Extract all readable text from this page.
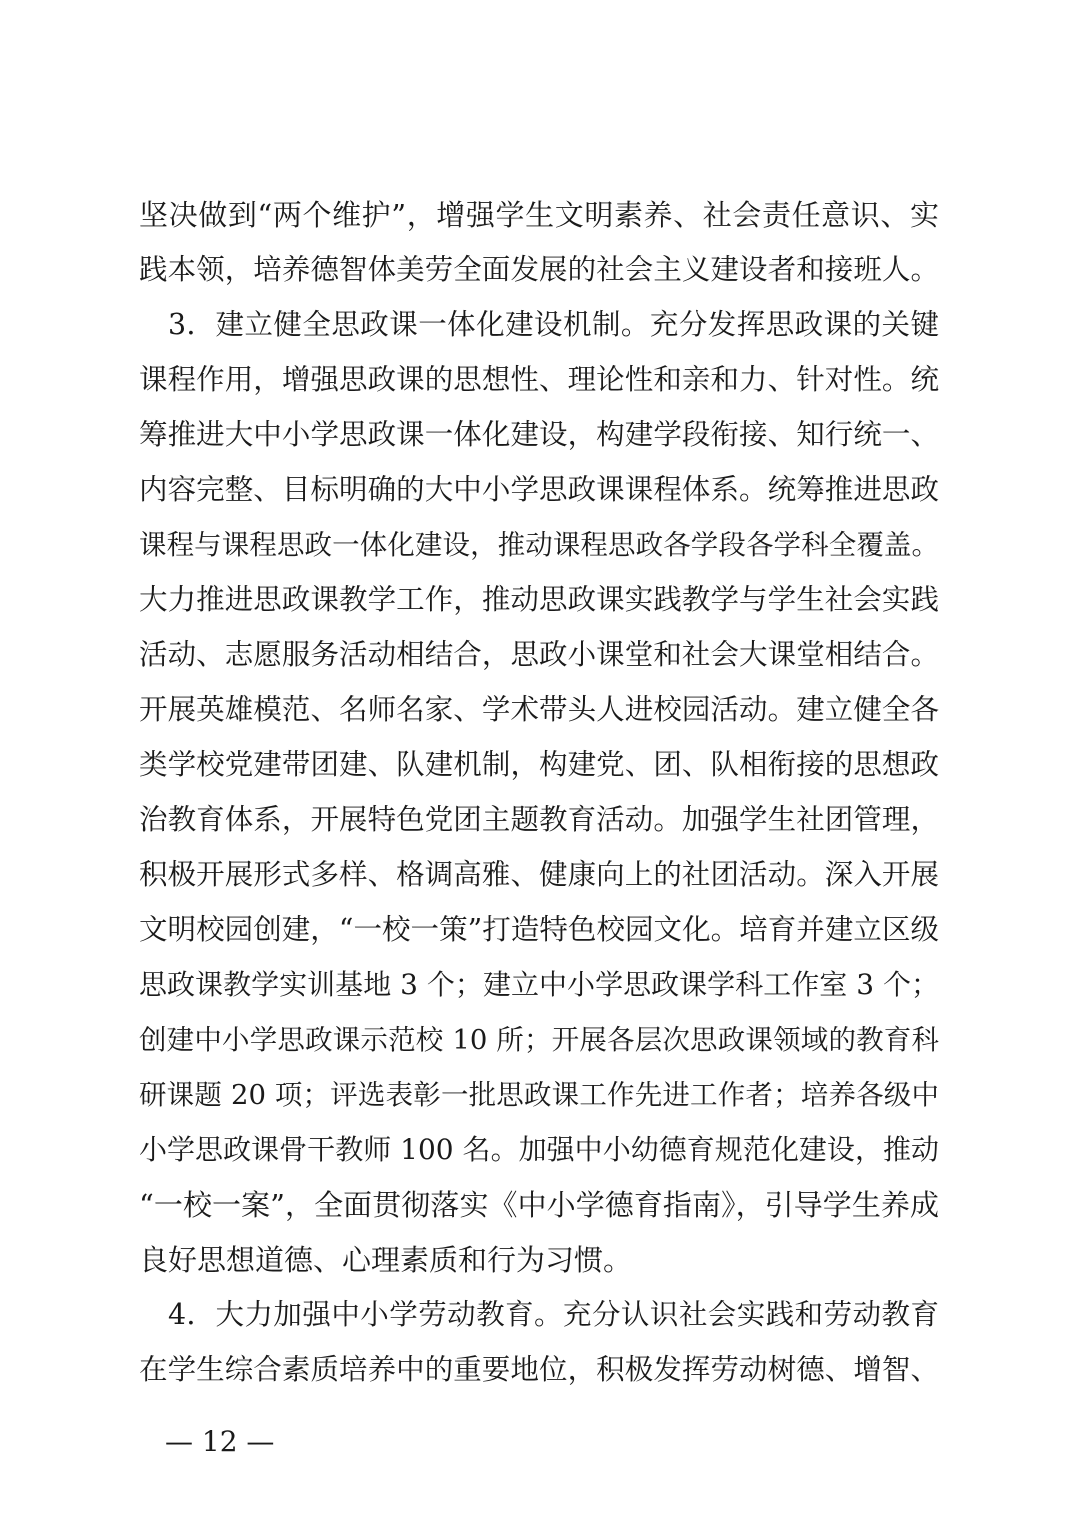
坚决做到“两个维护”，增强学生文明素养、社会责任意识、实
践本领，培养德智体美劳全面发展的社会主义建设者和接班人。
　3．建立健全思政课一体化建设机制。充分发挥思政课的关键
课程作用，增强思政课的思想性、理论性和亲和力、针对性。统
筹推进大中小学思政课一体化建设，构建学段衔接、知行统一、
内容完整、目标明确的大中小学思政课课程体系。统筹推进思政
课程与课程思政一体化建设，推动课程思政各学段各学科全覆盖。
大力推进思政课教学工作，推动思政课实践教学与学生社会实践
活动、志愿服务活动相结合，思政小课堂和社会大课堂相结合。
开展英雄模范、名师名家、学术带头人进校园活动。建立健全各
类学校党建带团建、队建机制，构建党、团、队相衔接的思想政
治教育体系，开展特色党团主题教育活动。加强学生社团管理，
积极开展形式多样、格调高雅、健康向上的社团活动。深入开展
文明校园创建，“一校一策”打造特色校园文化。培育并建立区级
思政课教学实训基地 3 个；建立中小学思政课学科工作室 3 个；
创建中小学思政课示范校 10 所；开展各层次思政课领域的教育科
研课题 20 项；评选表彰一批思政课工作先进工作者；培养各级中
小学思政课骨干教师 100 名。加强中小幼德育规范化建设，推动
“一校一案”，全面贯彻落实《中小学德育指南》，引导学生养成
良好思想道德、心理素质和行为习惯。
　4．大力加强中小学劳动教育。充分认识社会实践和劳动教育
在学生综合素质培养中的重要地位，积极发挥劳动树德、增智、
— 12 —
